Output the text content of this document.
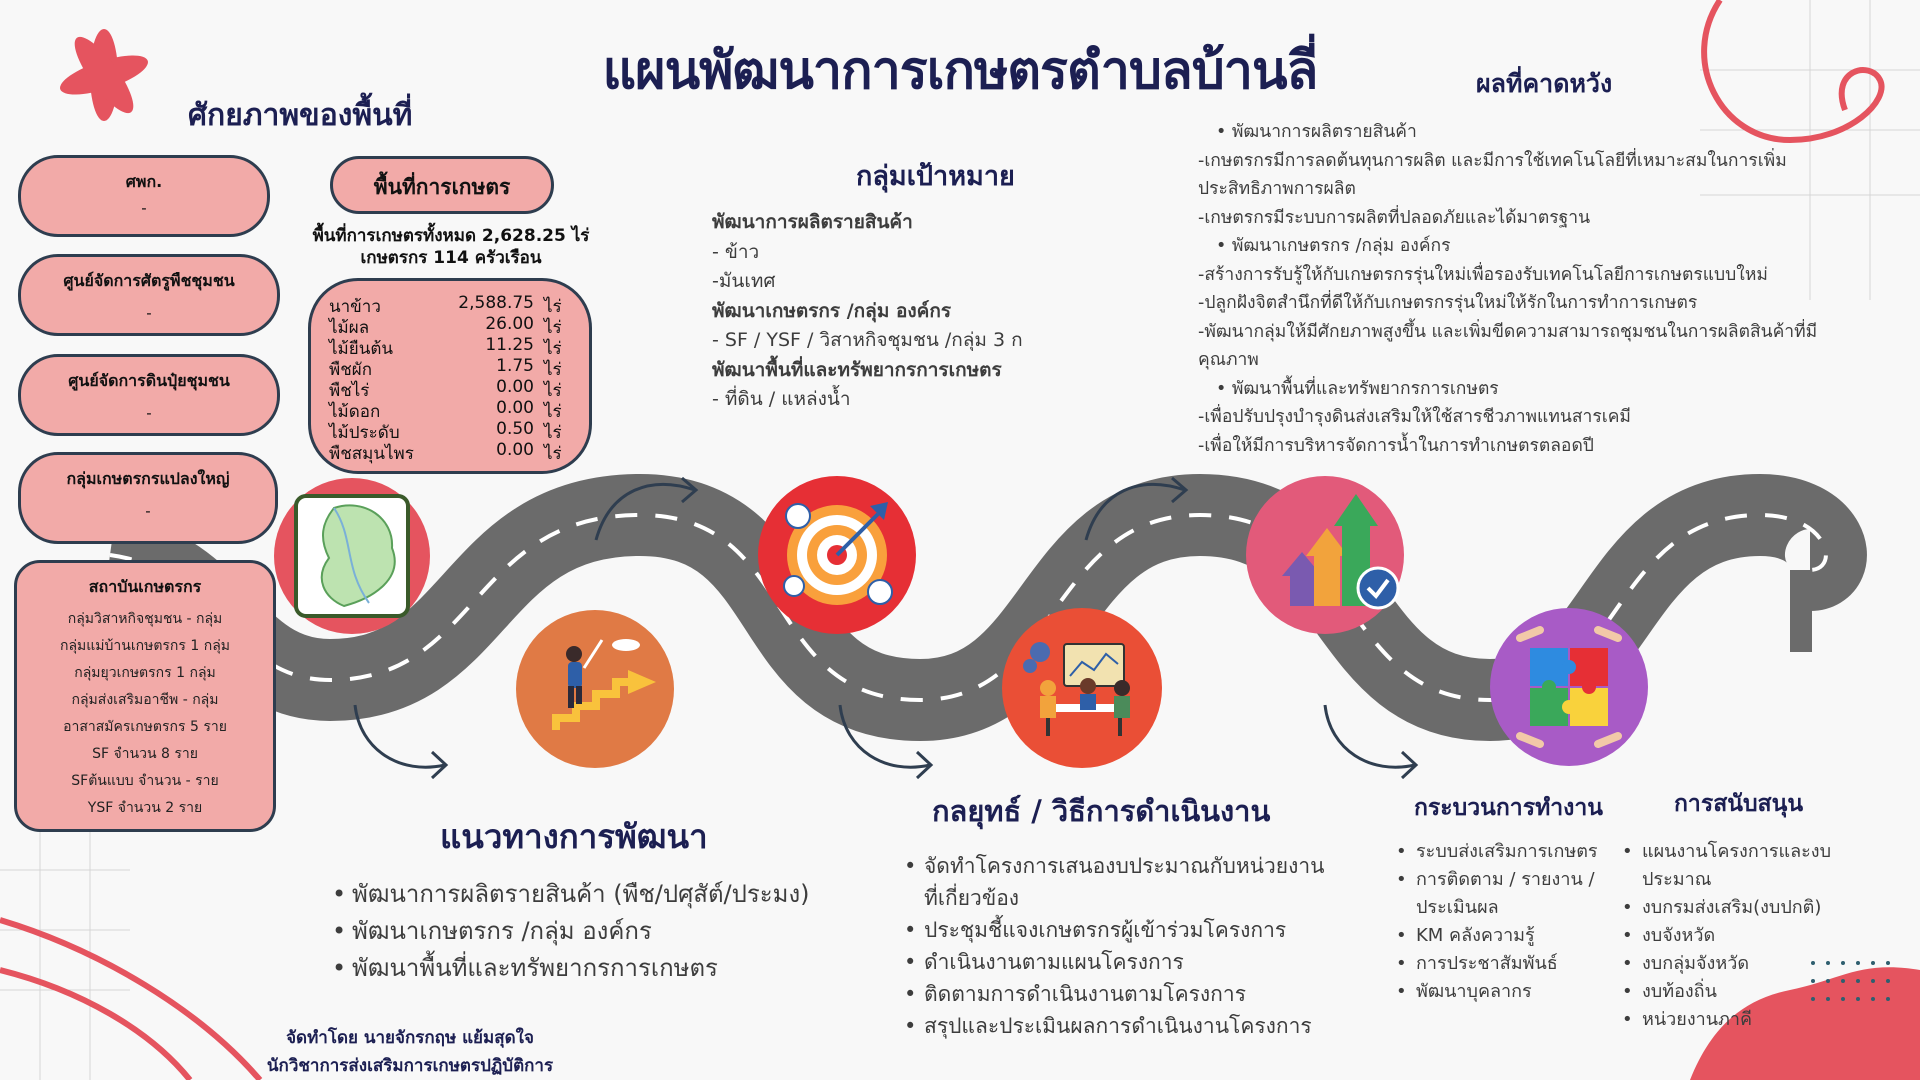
แผนพัฒนาการเกษตรตำบลบ้านลี่
ศักยภาพของพื้นที่
ศพก.
-
ศูนย์จัดการศัตรูพืชชุมชน
-
ศูนย์จัดการดินปุ๋ยชุมชน
-
กลุ่มเกษตรกรแปลงใหญ่
-
สถาบันเกษตรกร
กลุ่มวิสาหกิจชุมชน - กลุ่ม
กลุ่มแม่บ้านเกษตรกร 1 กลุ่ม
กลุ่มยุวเกษตรกร 1 กลุ่ม
กลุ่มส่งเสริมอาชีพ - กลุ่ม
อาสาสมัครเกษตรกร 5 ราย
SF จำนวน 8 ราย
SFต้นแบบ จำนวน - ราย
YSF จำนวน 2 ราย
พื้นที่การเกษตร
พื้นที่การเกษตรทั้งหมด 2,628.25 ไร่
เกษตรกร 114 ครัวเรือน
นาข้าว	2,588.75 ไร่
ไม้ผล	26.00 ไร่
ไม้ยืนต้น	11.25 ไร่
พืชผัก	1.75 ไร่
พืชไร่	0.00 ไร่
ไม้ดอก	0.00 ไร่
ไม้ประดับ	0.50 ไร่
พืชสมุนไพร	0.00 ไร่
กลุ่มเป้าหมาย
พัฒนาการผลิตรายสินค้า
- ข้าว
-มันเทศ
พัฒนาเกษตรกร /กลุ่ม องค์กร
- SF / YSF / วิสาหกิจชุมชน /กลุ่ม 3 ก
พัฒนาพื้นที่และทรัพยากรการเกษตร
- ที่ดิน / แหล่งน้ำ
ผลที่คาดหวัง
• พัฒนาการผลิตรายสินค้า
-เกษตรกรมีการลดต้นทุนการผลิต และมีการใช้เทคโนโลยีที่เหมาะสมในการเพิ่มประสิทธิภาพการผลิต
-เกษตรกรมีระบบการผลิตที่ปลอดภัยและได้มาตรฐาน
• พัฒนาเกษตรกร /กลุ่ม องค์กร
-สร้างการรับรู้ให้กับเกษตรกรรุ่นใหม่เพื่อรองรับเทคโนโลยีการเกษตรแบบใหม่
-ปลูกฝังจิตสำนึกที่ดีให้กับเกษตรกรรุ่นใหม่ให้รักในการทำการเกษตร
-พัฒนากลุ่มให้มีศักยภาพสูงขึ้น และเพิ่มขีดความสามารถชุมชนในการผลิตสินค้าที่มีคุณภาพ
• พัฒนาพื้นที่และทรัพยากรการเกษตร
-เพื่อปรับปรุงบำรุงดินส่งเสริมให้ใช้สารชีวภาพแทนสารเคมี
-เพื่อให้มีการบริหารจัดการน้ำในการทำเกษตรตลอดปี
แนวทางการพัฒนา
• พัฒนาการผลิตรายสินค้า (พืช/ปศุสัต์/ประมง)
• พัฒนาเกษตรกร /กลุ่ม องค์กร
• พัฒนาพื้นที่และทรัพยากรการเกษตร
กลยุทธ์ / วิธีการดำเนินงาน
• จัดทำโครงการเสนองบประมาณกับหน่วยงานที่เกี่ยวข้อง
• ประชุมชี้แจงเกษตรกรผู้เข้าร่วมโครงการ
• ดำเนินงานตามแผนโครงการ
• ติดตามการดำเนินงานตามโครงการ
• สรุปและประเมินผลการดำเนินงานโครงการ
กระบวนการทำงาน
• ระบบส่งเสริมการเกษตร
• การติดตาม / รายงาน / ประเมินผล
• KM คลังความรู้
• การประชาสัมพันธ์
• พัฒนาบุคลากร
การสนับสนุน
• แผนงานโครงการและงบประมาณ
• งบกรมส่งเสริม(งบปกติ)
• งบจังหวัด
• งบกลุ่มจังหวัด
• งบท้องถิ่น
• หน่วยงานภาคี
จัดทำโดย นายจักรกฤษ แย้มสุดใจ
นักวิชาการส่งเสริมการเกษตรปฏิบัติการ
